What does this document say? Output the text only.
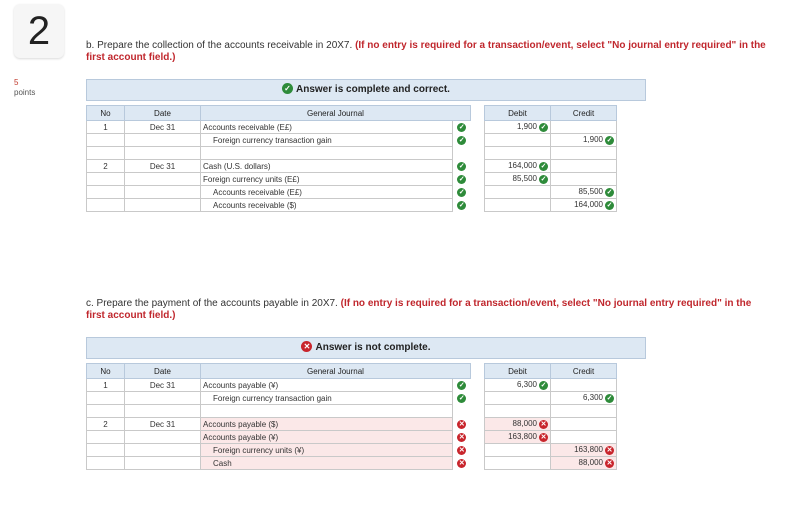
2
5
points
b. Prepare the collection of the accounts receivable in 20X7. (If no entry is required for a transaction/event, select "No journal entry required" in the first account field.)
✓ Answer is complete and correct.
No	Date	General Journal			Debit	Credit
1	Dec 31	Accounts receivable (E£)	✓		1,900 ✓	
		Foreign currency transaction gain	✓			1,900 ✓

2	Dec 31	Cash (U.S. dollars)	✓		164,000 ✓	
		Foreign currency units (E£)	✓		85,500 ✓	
		Accounts receivable (E£)	✓			85,500 ✓
		Accounts receivable ($)	✓			164,000 ✓
c. Prepare the payment of the accounts payable in 20X7. (If no entry is required for a transaction/event, select "No journal entry required" in the first account field.)
✕ Answer is not complete.
No	Date	General Journal			Debit	Credit
1	Dec 31	Accounts payable (¥)	✓		6,300 ✓	
		Foreign currency transaction gain	✓			6,300 ✓

2	Dec 31	Accounts payable ($)	✕		88,000 ✕	
		Accounts payable (¥)	✕		163,800 ✕	
		Foreign currency units (¥)	✕			163,800 ✕
		Cash	✕			88,000 ✕
